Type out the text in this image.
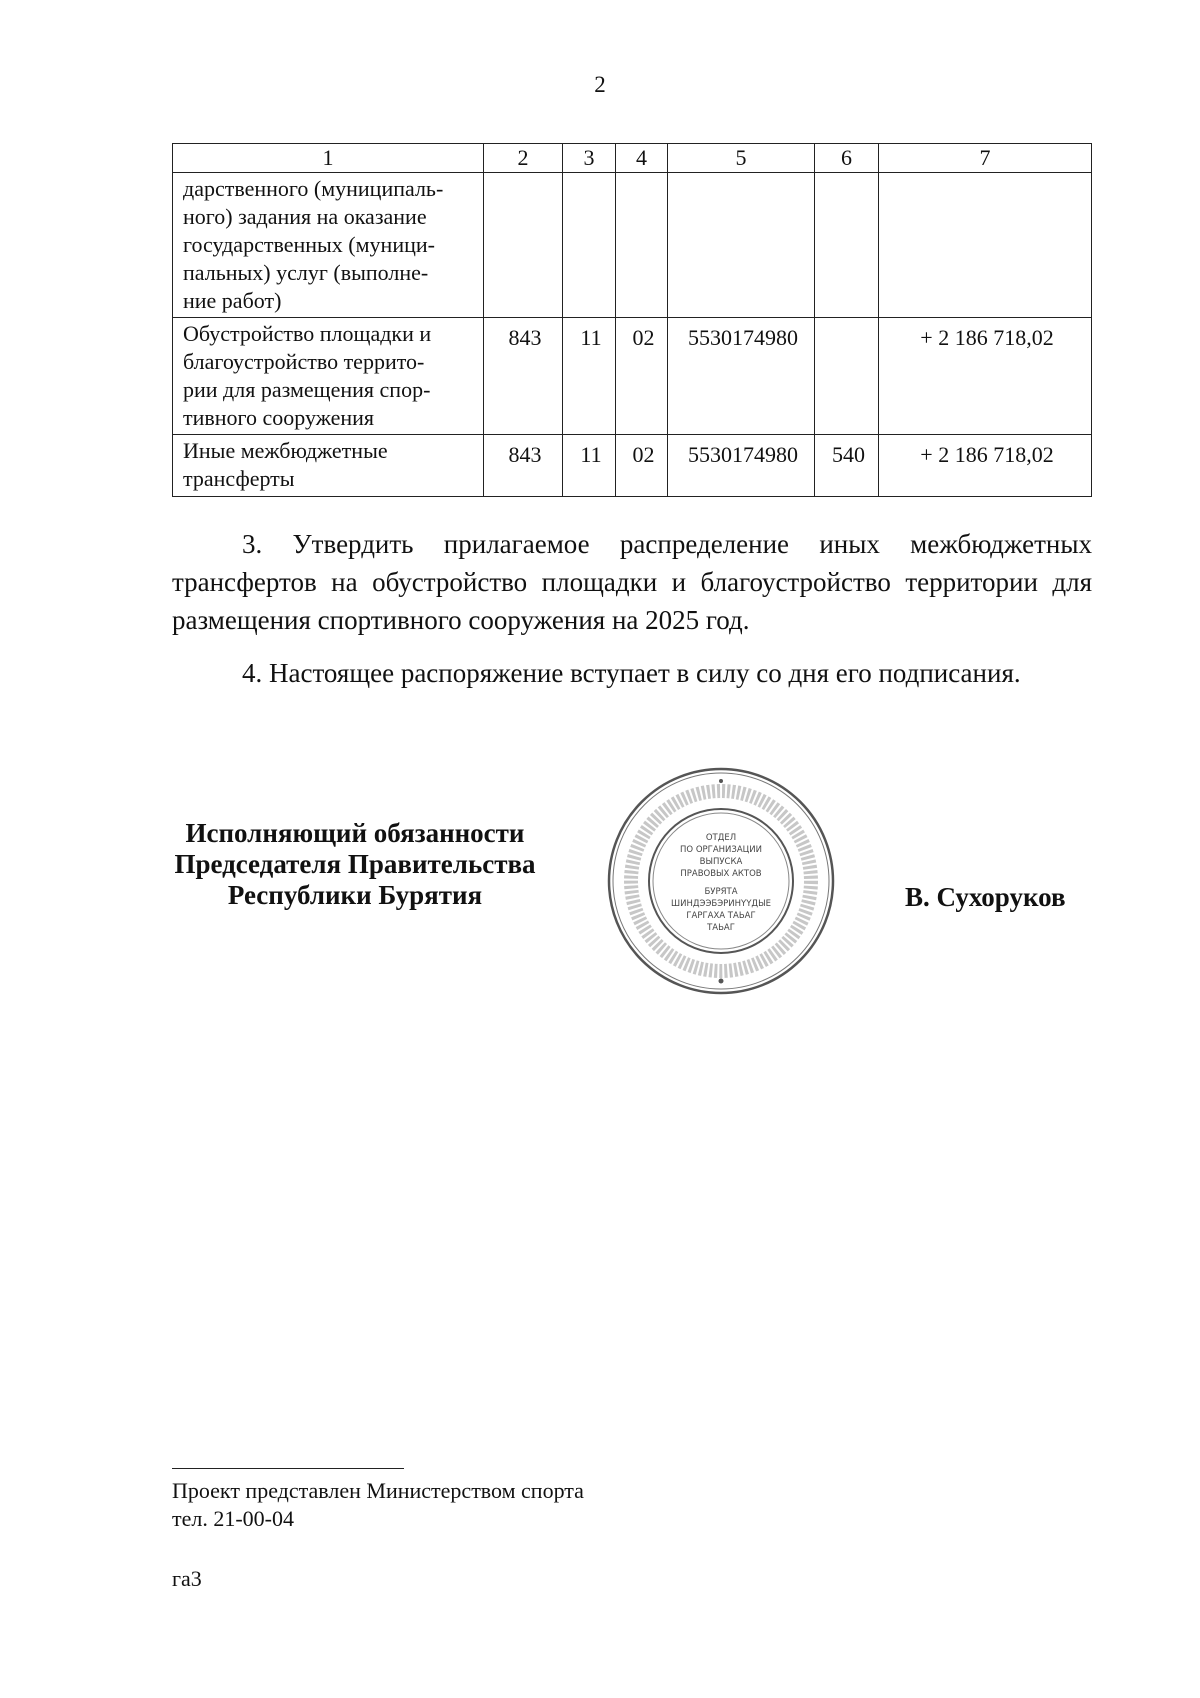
2
1	2	3	4	5	6	7
дарственного (муниципаль-
ного) задания на оказание
государственных (муници-
пальных) услуг (выполне-
ние работ)						
Обустройство площадки и
благоустройство террито-
рии для размещения спор-
тивного сооружения	843	11	02	5530174980		+ 2 186 718,02
Иные межбюджетные
трансферты	843	11	02	5530174980	540	+ 2 186 718,02
3. Утвердить прилагаемое распределение иных межбюджетных трансфертов на обустройство площадки и благоустройство территории для размещения спортивного сооружения на 2025 год.
4. Настоящее распоряжение вступает в силу со дня его подписания.
Исполняющий обязанности
Председателя Правительства
Республики Бурятия
ОТДЕЛ
ПО ОРГАНИЗАЦИИ
ВЫПУСКА
ПРАВОВЫХ АКТОВ
БУРЯТА
ШИНДЭЭБЭРИНҮҮДЫЕ
ГАРГАХА ТАЬАГ
ТАЬАГ
В. Сухоруков
Проект представлен Министерством спорта
тел. 21-00-04
га3
